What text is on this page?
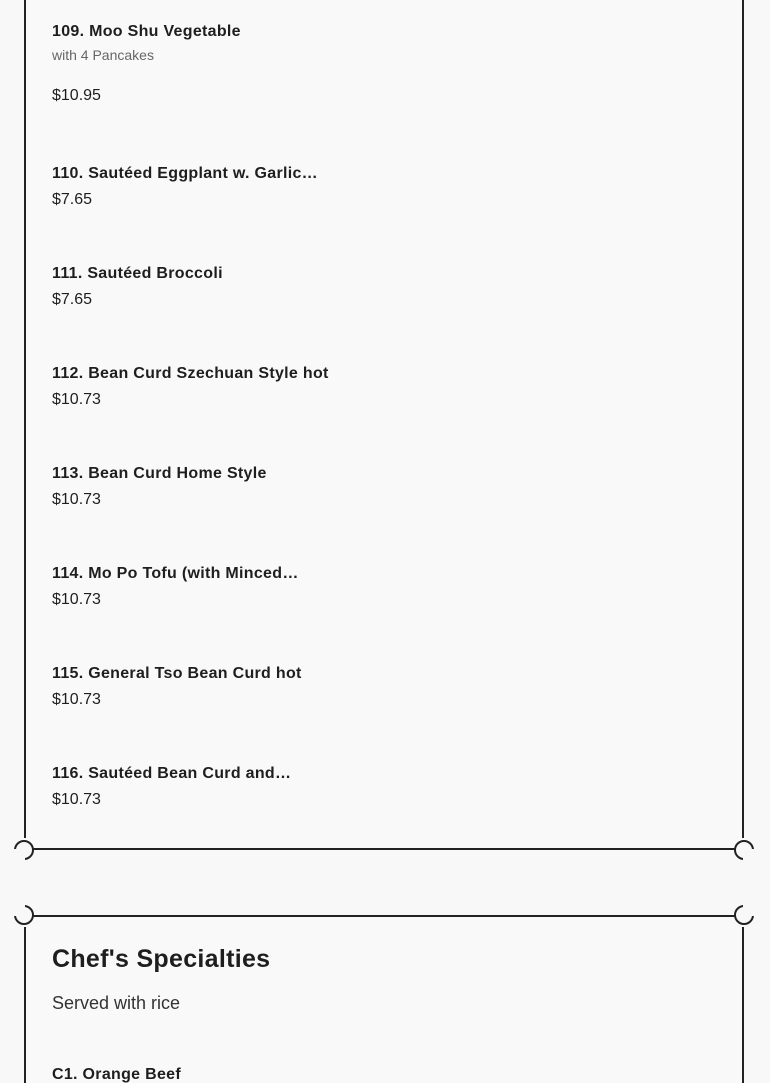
109. Moo Shu Vegetable
with 4 Pancakes
$10.95
110. Sautéed Eggplant w. Garlic…
$7.65
111. Sautéed Broccoli
$7.65
112. Bean Curd Szechuan Style hot
$10.73
113. Bean Curd Home Style
$10.73
114. Mo Po Tofu (with Minced…
$10.73
115. General Tso Bean Curd hot
$10.73
116. Sautéed Bean Curd and…
$10.73
Chef's Specialties
Served with rice
C1. Orange Beef
